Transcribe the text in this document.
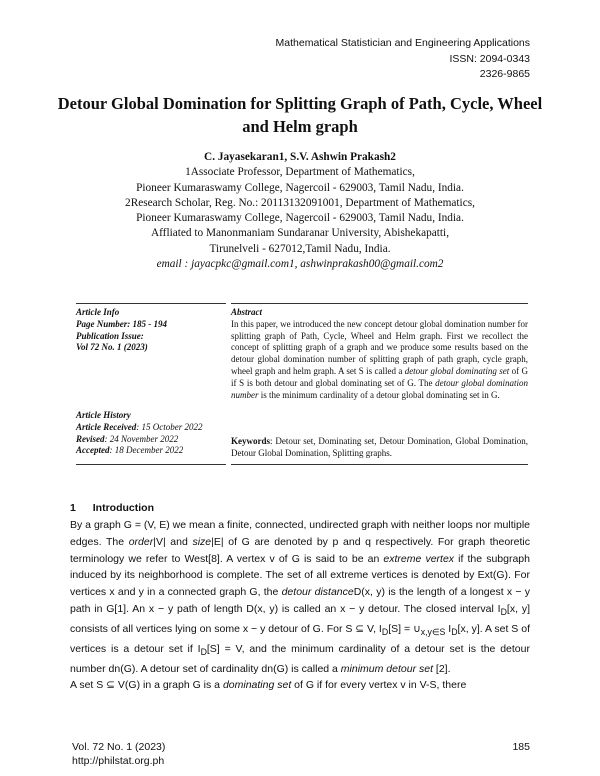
Mathematical Statistician and Engineering Applications
ISSN: 2094-0343
2326-9865
Detour Global Domination for Splitting Graph of Path, Cycle, Wheel
and Helm graph
C. Jayasekaran1, S.V. Ashwin Prakash2
1Associate Professor, Department of Mathematics,
Pioneer Kumaraswamy College, Nagercoil - 629003, Tamil Nadu, India.
2Research Scholar, Reg. No.: 20113132091001, Department of Mathematics,
Pioneer Kumaraswamy College, Nagercoil - 629003, Tamil Nadu, India.
Affliated to Manonmaniam Sundaranar University, Abishekapatti,
Tirunelveli - 627012,Tamil Nadu, India.
email : jayacpkc@gmail.com1, ashwinprakash00@gmail.com2
Article Info
Page Number: 185 - 194
Publication Issue:
Vol 72 No. 1 (2023)
Article History
Article Received: 15 October 2022
Revised: 24 November 2022
Accepted: 18 December 2022
Abstract
In this paper, we introduced the new concept detour global domination number for splitting graph of Path, Cycle, Wheel and Helm graph. First we recollect the concept of splitting graph of a graph and we produce some results based on the detour global domination number of splitting graph of path graph, cycle graph, wheel graph and helm graph. A set S is called a detour global dominating set of G if S is both detour and global dominating set of G. The detour global domination number is the minimum cardinality of a detour global dominating set in G.
Keywords: Detour set, Dominating set, Detour Domination, Global Domination, Detour Global Domination, Splitting graphs.
1 Introduction
By a graph G = (V, E) we mean a finite, connected, undirected graph with neither loops nor multiple edges. The order|V| and size|E| of G are denoted by p and q respectively. For graph theoretic terminology we refer to West[8]. A vertex v of G is said to be an extreme vertex if the subgraph induced by its neighborhood is complete. The set of all extreme vertices is denoted by Ext(G). For vertices x and y in a connected graph G, the detour distanceD(x, y) is the length of a longest x − y path in G[1]. An x − y path of length D(x, y) is called an x − y detour. The closed interval $I_D[x$, y] consists of all vertices lying on some x − y detour of G. For S ⊆ V, $I_D[S]$ = $\cup_{x,y\in S}$ $I_D[x$, y]. A set S of vertices is a detour set if $I_D[S] = V$, and the minimum cardinality of a detour set is the detour number dn(G). A detour set of cardinality dn(G) is called a minimum detour set [2].
A set S ⊆ V(G) in a graph G is a dominating set of G if for every vertex v in V-S, there
Vol. 72 No. 1 (2023)
http://philstat.org.ph
185
